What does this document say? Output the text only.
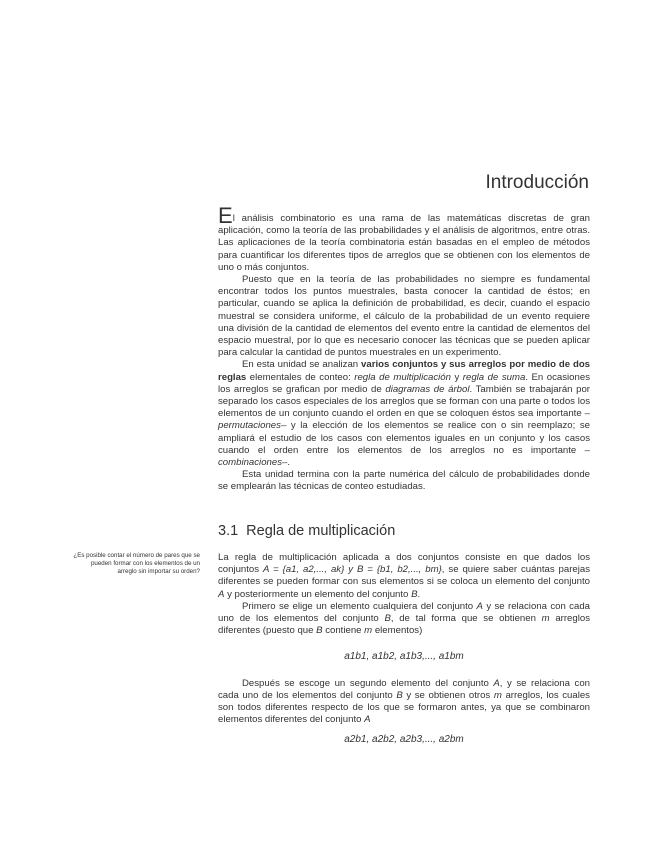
Introducción

El análisis combinatorio es una rama de las matemáticas discretas de gran aplicación, como la teoría de las probabilidades y el análisis de algoritmos, entre otras. Las aplicaciones de la teoría combinatoria están basadas en el empleo de métodos para cuantificar los diferentes tipos de arreglos que se obtienen con los elementos de uno o más conjuntos.

Puesto que en la teoría de las probabilidades no siempre es fundamental encontrar todos los puntos muestrales, basta conocer la cantidad de éstos; en particular, cuando se aplica la definición de probabilidad, es decir, cuando el espacio muestral se considera uniforme, el cálculo de la probabilidad de un evento requiere una división de la cantidad de elementos del evento entre la cantidad de elementos del espacio muestral, por lo que es necesario conocer las técnicas que se pueden aplicar para calcular la cantidad de puntos muestrales en un experimento.

En esta unidad se analizan varios conjuntos y sus arreglos por medio de dos reglas elementales de conteo: regla de multiplicación y regla de suma. En ocasiones los arreglos se grafican por medio de diagramas de árbol. También se trabajarán por separado los casos especiales de los arreglos que se forman con una parte o todos los elementos de un conjunto cuando el orden en que se coloquen éstos sea importante –permutaciones– y la elección de los elementos se realice con o sin reemplazo; se ampliará el estudio de los casos con elementos iguales en un conjunto y los casos cuando el orden entre los elementos de los arreglos no es importante –combinaciones–.

Esta unidad termina con la parte numérica del cálculo de probabilidades donde se emplearán las técnicas de conteo estudiadas.

3.1 Regla de multiplicación
¿Es posible contar el número de pares que se pueden formar con los elementos de un arreglo sin importar su orden?

La regla de multiplicación aplicada a dos conjuntos consiste en que dados los conjuntos A = {a1, a2,..., ak} y B = {b1, b2,..., bm}, se quiere saber cuántas parejas diferentes se pueden formar con sus elementos si se coloca un elemento del conjunto A y posteriormente un elemento del conjunto B.

Primero se elige un elemento cualquiera del conjunto A y se relaciona con cada uno de los elementos del conjunto B, de tal forma que se obtienen m arreglos diferentes (puesto que B contiene m elementos)

a1b1, a1b2, a1b3,..., a1bm

Después se escoge un segundo elemento del conjunto A, y se relaciona con cada uno de los elementos del conjunto B y se obtienen otros m arreglos, los cuales son todos diferentes respecto de los que se formaron antes, ya que se combinaron elementos diferentes del conjunto A

a2b1, a2b2, a2b3,..., a2bm
